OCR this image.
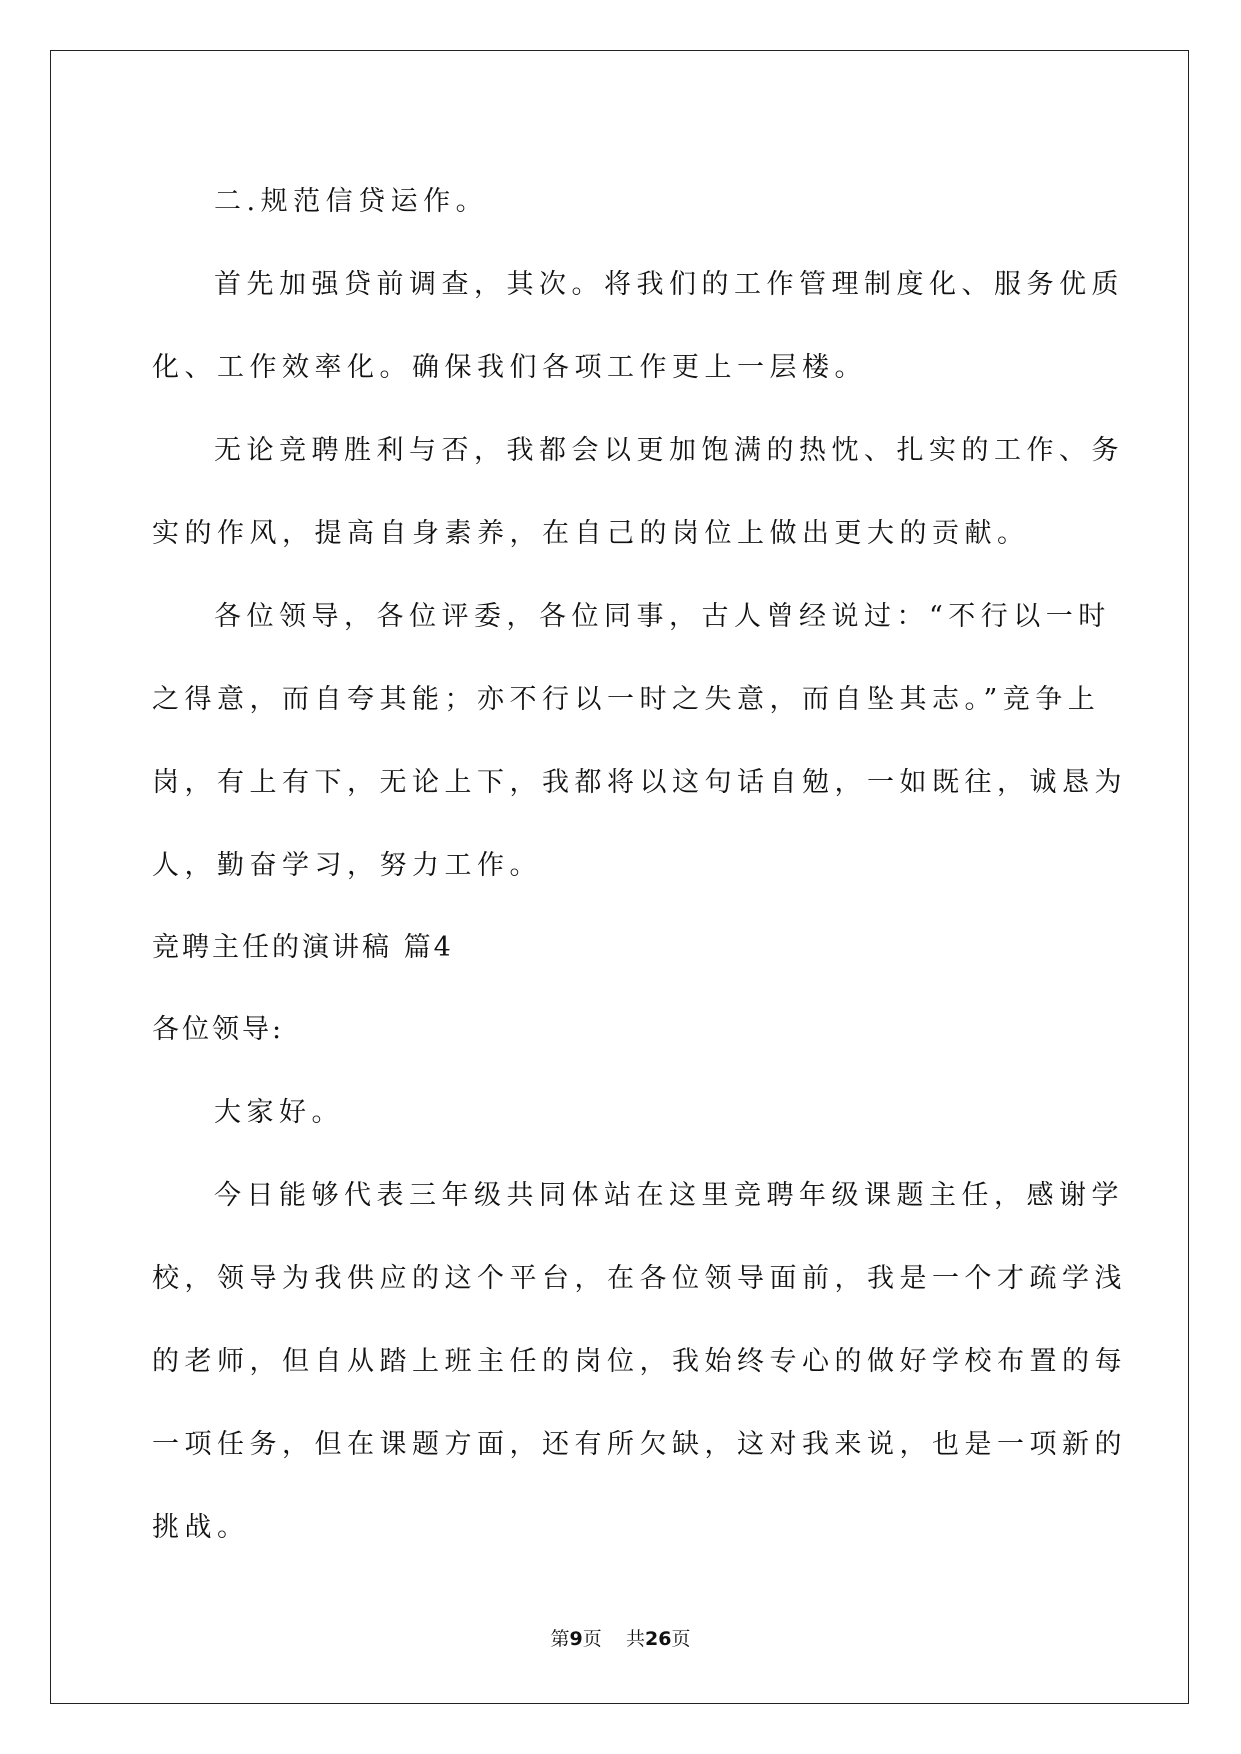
二.规范信贷运作。

首先加强贷前调查，其次。将我们的工作管理制度化、服务优质
化、工作效率化。确保我们各项工作更上一层楼。

无论竞聘胜利与否，我都会以更加饱满的热忱、扎实的工作、务
实的作风，提高自身素养，在自己的岗位上做出更大的贡献。

各位领导，各位评委，各位同事，古人曾经说过：“不行以一时
之得意，而自夸其能；亦不行以一时之失意，而自坠其志。”竞争上
岗，有上有下，无论上下，我都将以这句话自勉，一如既往，诚恳为
人，勤奋学习，努力工作。

竞聘主任的演讲稿 篇4

各位领导:

大家好。

今日能够代表三年级共同体站在这里竞聘年级课题主任，感谢学
校，领导为我供应的这个平台，在各位领导面前，我是一个才疏学浅
的老师，但自从踏上班主任的岗位，我始终专心的做好学校布置的每
一项任务，但在课题方面，还有所欠缺，这对我来说，也是一项新的
挑战。

第9页 共26页
